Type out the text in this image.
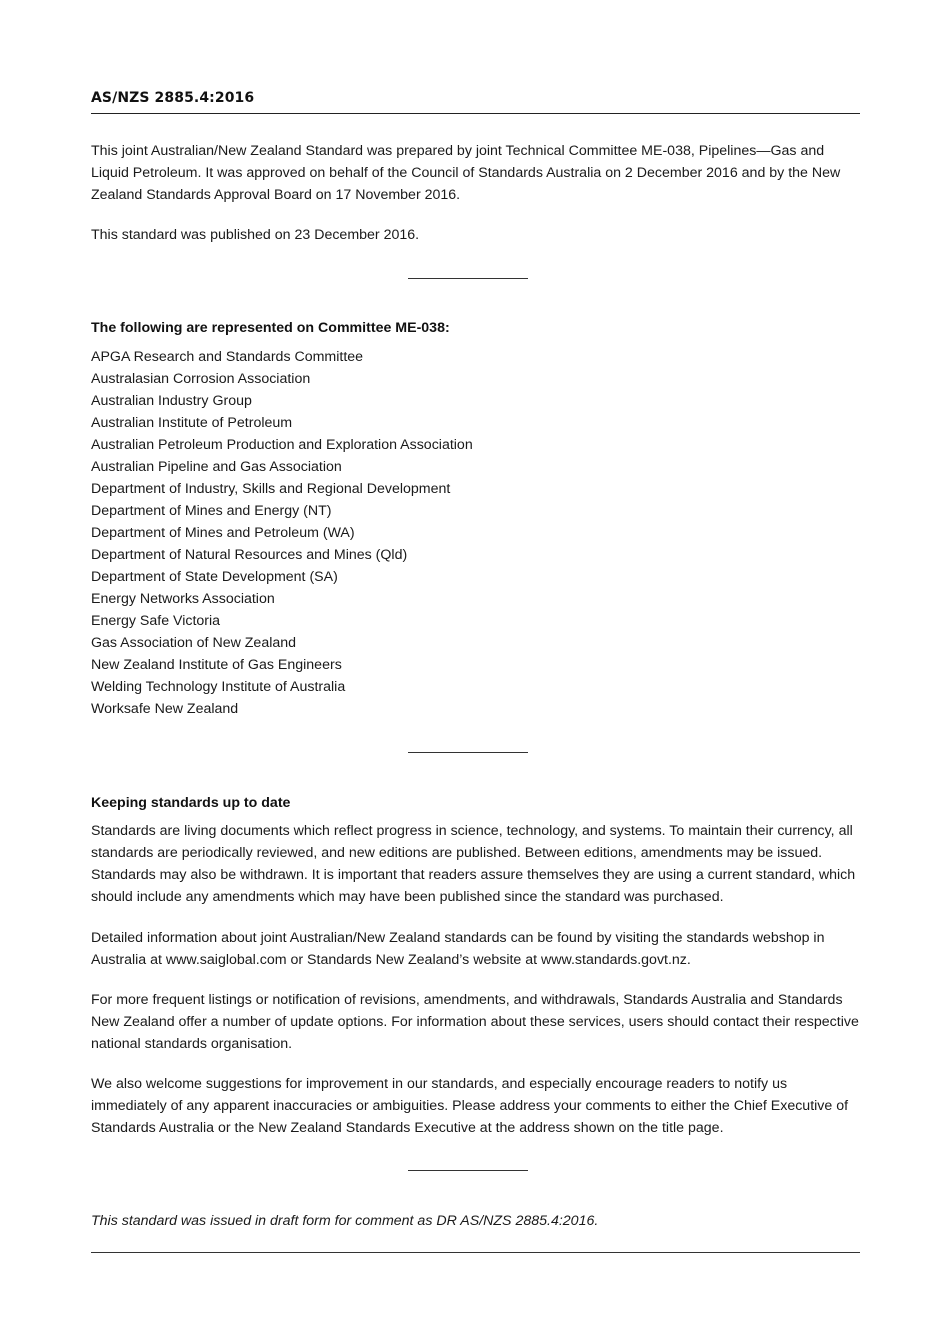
AS/NZS 2885.4:2016

This joint Australian/New Zealand Standard was prepared by joint Technical Committee ME-038, Pipelines—Gas and Liquid Petroleum. It was approved on behalf of the Council of Standards Australia on 2 December 2016 and by the New Zealand Standards Approval Board on 17 November 2016.

This standard was published on 23 December 2016.

The following are represented on Committee ME-038:

APGA Research and Standards Committee
Australasian Corrosion Association
Australian Industry Group
Australian Institute of Petroleum
Australian Petroleum Production and Exploration Association
Australian Pipeline and Gas Association
Department of Industry, Skills and Regional Development
Department of Mines and Energy (NT)
Department of Mines and Petroleum (WA)
Department of Natural Resources and Mines (Qld)
Department of State Development (SA)
Energy Networks Association
Energy Safe Victoria
Gas Association of New Zealand
New Zealand Institute of Gas Engineers
Welding Technology Institute of Australia
Worksafe New Zealand

Keeping standards up to date

Standards are living documents which reflect progress in science, technology, and systems. To maintain their currency, all standards are periodically reviewed, and new editions are published. Between editions, amendments may be issued. Standards may also be withdrawn. It is important that readers assure themselves they are using a current standard, which should include any amendments which may have been published since the standard was purchased.

Detailed information about joint Australian/New Zealand standards can be found by visiting the standards webshop in Australia at www.saiglobal.com or Standards New Zealand’s website at www.standards.govt.nz.

For more frequent listings or notification of revisions, amendments, and withdrawals, Standards Australia and Standards New Zealand offer a number of update options. For information about these services, users should contact their respective national standards organisation.

We also welcome suggestions for improvement in our standards, and especially encourage readers to notify us immediately of any apparent inaccuracies or ambiguities. Please address your comments to either the Chief Executive of Standards Australia or the New Zealand Standards Executive at the address shown on the title page.

This standard was issued in draft form for comment as DR AS/NZS 2885.4:2016.
